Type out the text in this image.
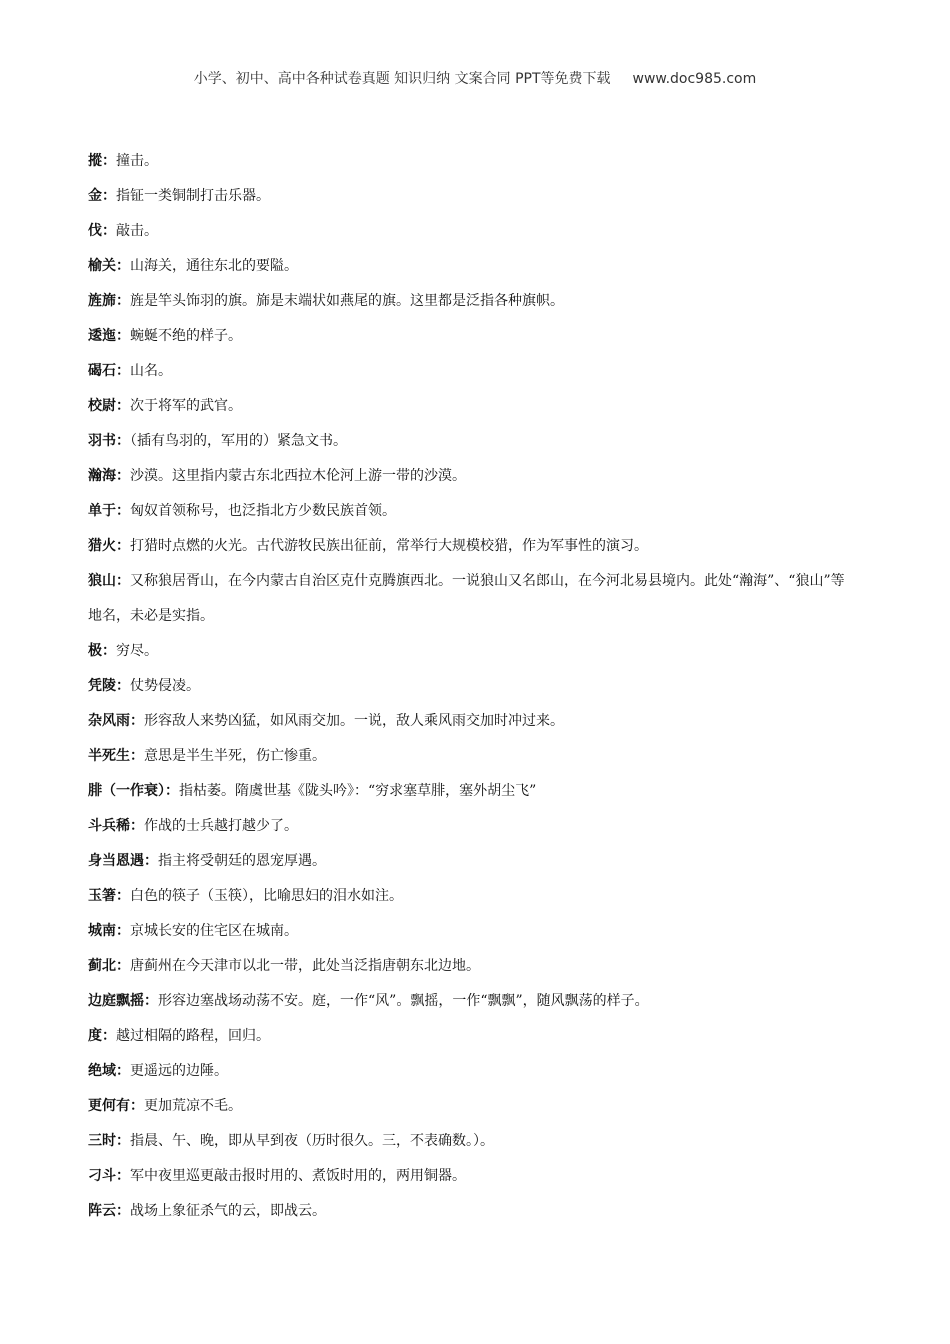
小学、初中、高中各种试卷真题 知识归纳 文案合同 PPT等免费下载 www.doc985.com
摐：撞击。
金：指钲一类铜制打击乐器。
伐：敲击。
榆关：山海关，通往东北的要隘。
旌旆：旌是竿头饰羽的旗。旆是末端状如燕尾的旗。这里都是泛指各种旗帜。
逶迤：蜿蜒不绝的样子。
碣石：山名。
校尉：次于将军的武官。
羽书：（插有鸟羽的，军用的）紧急文书。
瀚海：沙漠。这里指内蒙古东北西拉木伦河上游一带的沙漠。
单于：匈奴首领称号，也泛指北方少数民族首领。
猎火：打猎时点燃的火光。古代游牧民族出征前，常举行大规模校猎，作为军事性的演习。
狼山：又称狼居胥山，在今内蒙古自治区克什克腾旗西北。一说狼山又名郎山，在今河北易县境内。此处“瀚海”、“狼山”等地名，未必是实指。
极：穷尽。
凭陵：仗势侵凌。
杂风雨：形容敌人来势凶猛，如风雨交加。一说，敌人乘风雨交加时冲过来。
半死生：意思是半生半死，伤亡惨重。
腓（一作衰）：指枯萎。隋虞世基《陇头吟》：“穷求塞草腓，塞外胡尘飞”
斗兵稀：作战的士兵越打越少了。
身当恩遇：指主将受朝廷的恩宠厚遇。
玉箸：白色的筷子（玉筷），比喻思妇的泪水如注。
城南：京城长安的住宅区在城南。
蓟北：唐蓟州在今天津市以北一带，此处当泛指唐朝东北边地。
边庭飘摇：形容边塞战场动荡不安。庭，一作“风”。飘摇，一作“飘飘”，随风飘荡的样子。
度：越过相隔的路程，回归。
绝域：更遥远的边陲。
更何有：更加荒凉不毛。
三时：指晨、午、晚，即从早到夜（历时很久。三，不表确数。）。
刁斗：军中夜里巡更敲击报时用的、煮饭时用的，两用铜器。
阵云：战场上象征杀气的云，即战云。
